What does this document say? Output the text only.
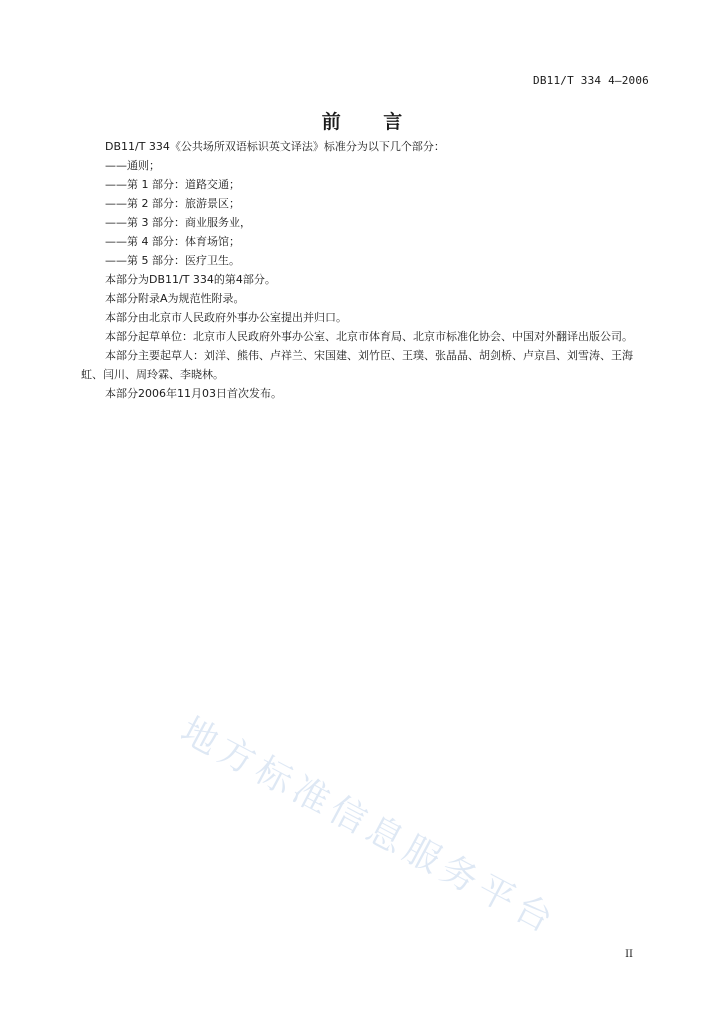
DB11/T 334 4—2006
前 言
DB11/T 334《公共场所双语标识英文译法》标准分为以下几个部分：
——通则；
——第 1 部分：道路交通；
——第 2 部分：旅游景区；
——第 3 部分：商业服务业，
——第 4 部分：体育场馆；
——第 5 部分：医疗卫生。
本部分为DB11/T 334的第4部分。
本部分附录A为规范性附录。
本部分由北京市人民政府外事办公室提出并归口。
本部分起草单位：北京市人民政府外事办公室、北京市体育局、北京市标准化协会、中国对外翻译出版公司。
本部分主要起草人：刘洋、熊伟、卢祥兰、宋国建、刘竹臣、王璞、张晶晶、胡剑桥、卢京昌、刘雪涛、王海虹、闫川、周玲霖、李晓林。
本部分2006年11月03日首次发布。
地方标准信息服务平台
II
